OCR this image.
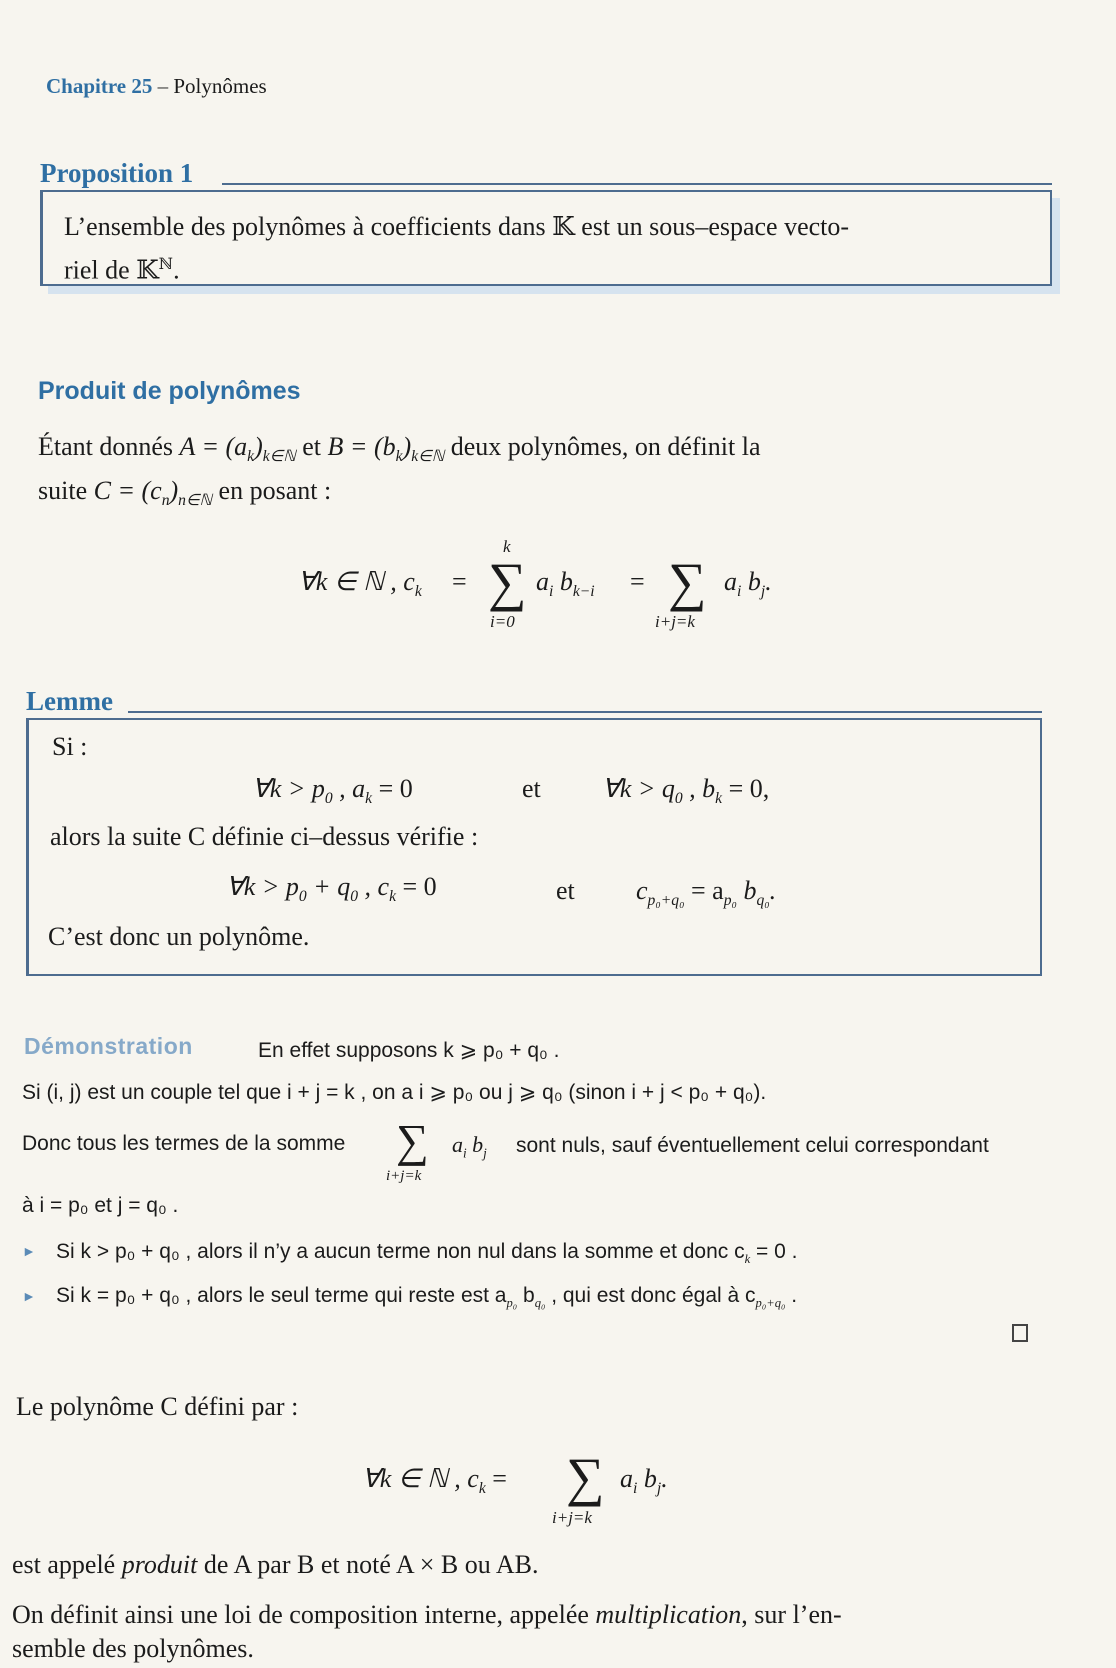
Chapitre 25 – Polynômes
Proposition 1
L’ensemble des polynômes à coefficients dans 𝕂 est un sous–espace vecto-
riel de 𝕂$^ℕ$.
Produit de polynômes
Étant donnés $A = (a_k)_{k\in ℕ}$ et $B = (b_k)_{k\in ℕ}$ deux polynômes, on définit la
suite $C = (c_n)_{n\in ℕ}$ en posant :
∀k ∈ ℕ , $c_k$ =
k
∑
i=0
$a_i$ $b_{k-i}$ = ∑
i+j=k
$a_i$ $b_j$.
Lemme
Si :
∀k > $p_0$ , $a_k = 0$	et ∀k > $q_0$ , $b_k = 0$,
alors la suite C définie ci–dessus vérifie :
∀k > $p_0 + q_0$ , $c_k = 0$	et $c_{p_0+q_0} = a_{p_0}$ $b_{q_0}$.
C’est donc un polynôme.
Démonstration	En effet supposons k ⩾ p₀ + q₀ .
Si (i, j) est un couple tel que i + j = k , on a i ⩾ p₀ ou j ⩾ q₀ (sinon i + j < p₀ + q₀).
Donc tous les termes de la somme ∑
i+j=k
$a_i$ $b_j$ sont nuls, sauf éventuellement celui correspondant
à i = p₀ et j = q₀ .
► Si k > p₀ + q₀ , alors il n’y a aucun terme non nul dans la somme et donc $c_k = 0$ .
► Si k = p₀ + q₀ , alors le seul terme qui reste est $a_{p_0}$ $b_{q_0}$ , qui est donc égal à $c_{p_0+q_0}$ .
Le polynôme C défini par :
∀k ∈ ℕ , $c_k$ = ∑
i+j=k
$a_i$ $b_j$.
est appelé produit de A par B et noté A × B ou AB.
On définit ainsi une loi de composition interne, appelée multiplication, sur l’en-
semble des polynômes.
